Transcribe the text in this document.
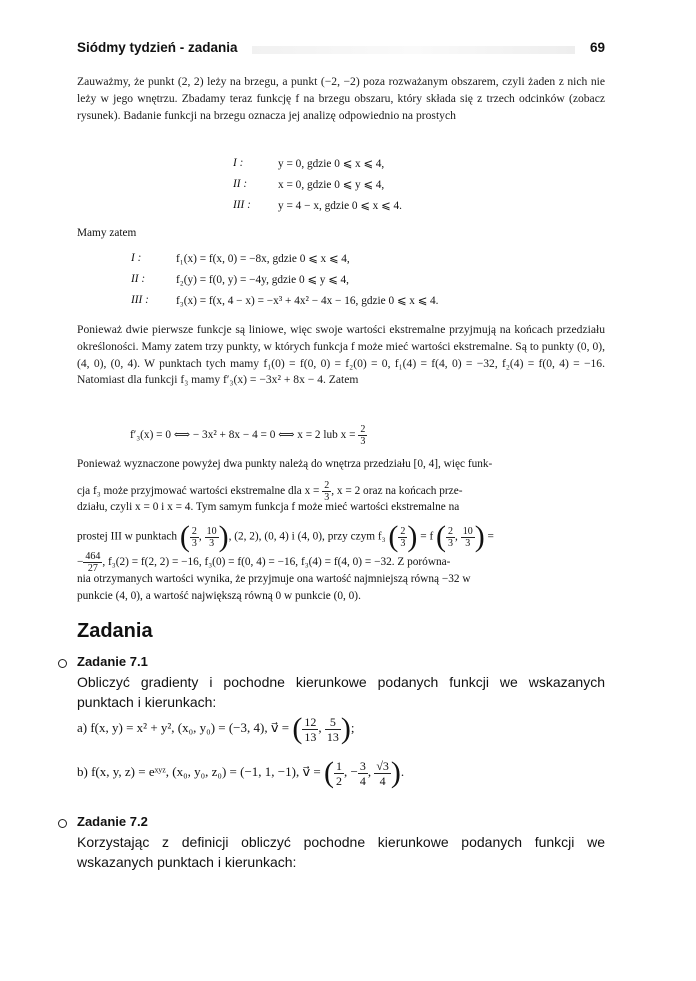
Siódmy tydzień - zadania	69

Zauważmy, że punkt (2, 2) leży na brzegu, a punkt (−2, −2) poza rozważanym obszarem, czyli żaden z nich nie leży w jego wnętrzu. Zbadamy teraz funkcję f na brzegu obszaru, który składa się z trzech odcinków (zobacz rysunek). Badanie funkcji na brzegu oznacza jej analizę odpowiednio na prostych

I :	y = 0, gdzie 0 ⩽ x ⩽ 4,
II :	x = 0, gdzie 0 ⩽ y ⩽ 4,
III : y = 4 − x, gdzie 0 ⩽ x ⩽ 4.
Mamy zatem
I :	f₁(x) = f(x, 0) = −8x, gdzie 0 ⩽ x ⩽ 4,
II :	f₂(y) = f(0, y) = −4y, gdzie 0 ⩽ y ⩽ 4,
III : f₃(x) = f(x, 4 − x) = −x³ + 4x² − 4x − 16, gdzie 0 ⩽ x ⩽ 4.

Ponieważ dwie pierwsze funkcje są liniowe, więc swoje wartości ekstremalne przyjmują na końcach przedziału określoności. Mamy zatem trzy punkty, w których funkcja f może mieć wartości ekstremalne. Są to punkty (0, 0), (4, 0), (0, 4). W punktach tych mamy f₁(0) = f(0, 0) = f₂(0) = 0, f₁(4) = f(4, 0) = −32, f₂(4) = f(0, 4) = −16. Natomiast dla funkcji f₃ mamy f′₃(x) = −3x² + 8x − 4. Zatem

f′₃(x) = 0 ⟺ − 3x² + 8x − 4 = 0 ⟺ x = 2 lub $x = \frac{2}{3}$
Ponieważ wyznaczone powyżej dwa punkty należą do wnętrza przedziału [0, 4], więc funk-
cja f₃ może przyjmować wartości ekstremalne dla $x = \frac{2}{3}$ , x = 2 oraz na końcach prze-
działu, czyli x = 0 i x = 4. Tym samym funkcja f może mieć wartości ekstremalne na
prostej III w punktach ( $\frac{2}{3}$ , $\frac{10}{3}$ ), (2, 2), (0, 4) i (4, 0), przy czym f₃ ( $\frac{2}{3}$ ) = f ( $\frac{2}{3}$ , $\frac{10}{3}$ ) =
− $\frac{464}{27}$ , f₃(2) = f(2, 2) = −16, f₃(0) = f(0, 4) = −16, f₃(4) = f(4, 0) = −32. Z porówna-
nia otrzymanych wartości wynika, że przyjmuje ona wartość najmniejszą równą −32 w
punkcie (4, 0), a wartość największą równą 0 w punkcie (0, 0).
Zadania
Zadanie 7.1
Obliczyć gradienty i pochodne kierunkowe podanych funkcji we wskazanych punktach i kierunkach:
a) f(x, y) = x² + y², (x₀, y₀) = (−3, 4), v⃗ = ( $\frac{12}{13}$ , $\frac{5}{13}$ );
b) f(x, y, z) = eˣʸᶻ, (x₀, y₀, z₀) = (−1, 1, −1), v⃗ = ( $\frac{1}{2}$ , − $\frac{3}{4}$ , $\frac{√3}{4}$ ).
Zadanie 7.2
Korzystając z definicji obliczyć pochodne kierunkowe podanych funkcji we wskazanych punktach i kierunkach:
